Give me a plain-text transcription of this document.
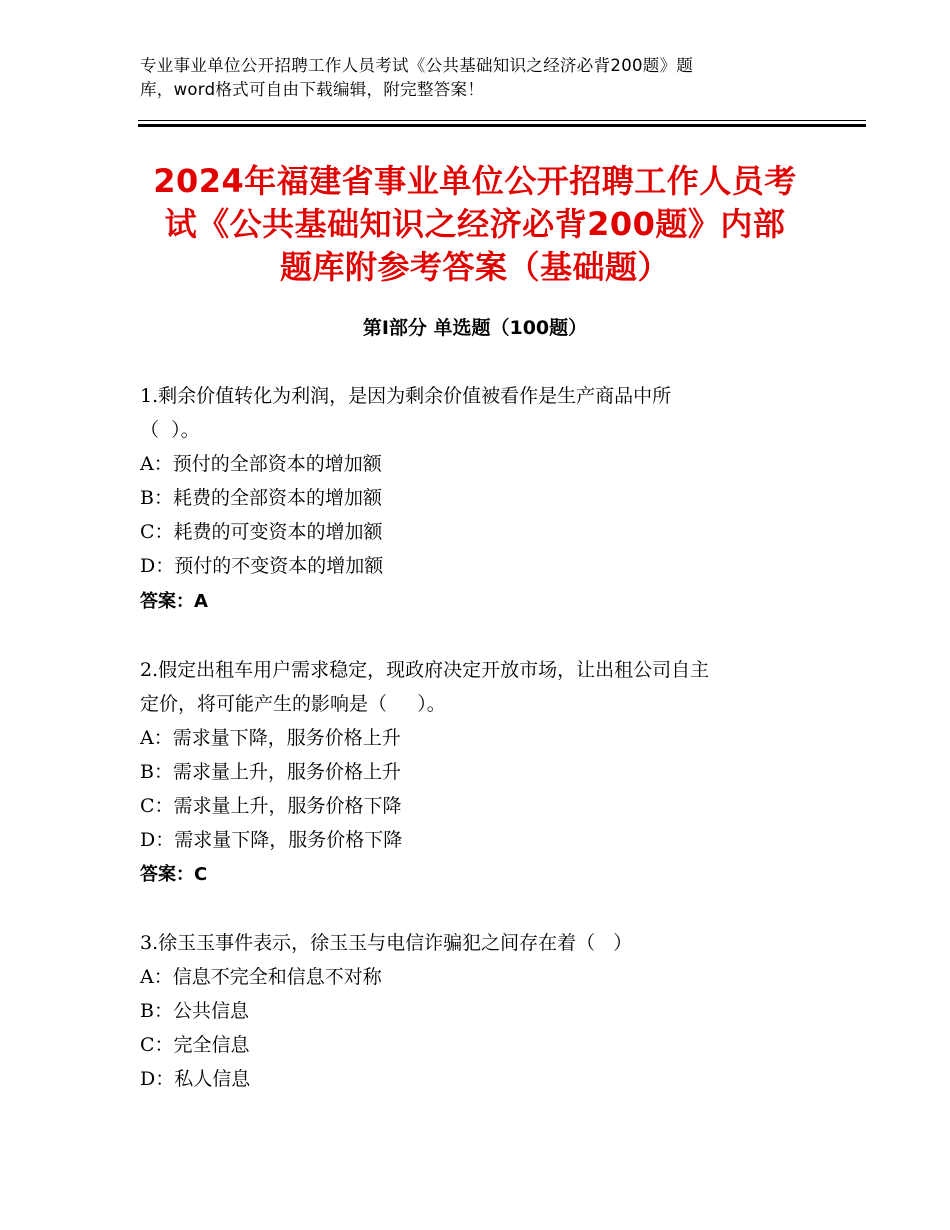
专业事业单位公开招聘工作人员考试《公共基础知识之经济必背200题》题
库，word格式可自由下载编辑，附完整答案！
2024年福建省事业单位公开招聘工作人员考
试《公共基础知识之经济必背200题》内部
题库附参考答案（基础题）
第Ⅰ部分 单选题（100题）
1.剩余价值转化为利润，是因为剩余价值被看作是生产商品中所
（  ）。
A：预付的全部资本的增加额
B：耗费的全部资本的增加额
C：耗费的可变资本的增加额
D：预付的不变资本的增加额
答案：A
2.假定出租车用户需求稳定，现政府决定开放市场，让出租公司自主
定价，将可能产生的影响是（     ）。
A：需求量下降，服务价格上升
B：需求量上升，服务价格上升
C：需求量上升，服务价格下降
D：需求量下降，服务价格下降
答案：C
3.徐玉玉事件表示，徐玉玉与电信诈骗犯之间存在着（   ）
A：信息不完全和信息不对称
B：公共信息
C：完全信息
D：私人信息
